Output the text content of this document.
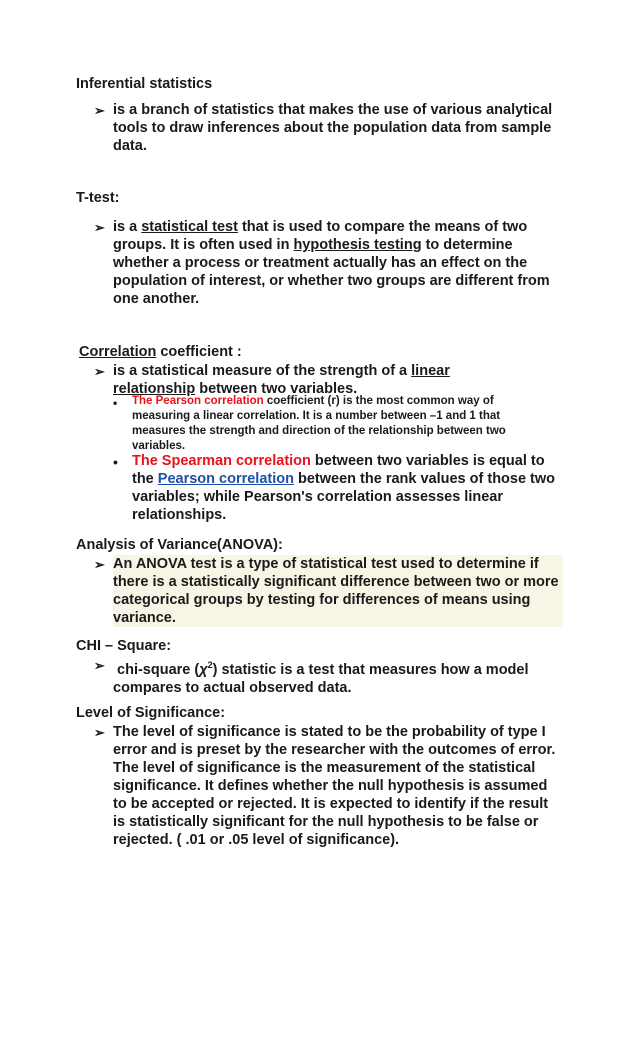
Inferential statistics
➢ is a branch of statistics that makes the use of various analytical tools to draw inferences about the population data from sample data.
T-test:
➢ is a statistical test that is used to compare the means of two groups. It is often used in hypothesis testing to determine whether a process or treatment actually has an effect on the population of interest, or whether two groups are different from one another.
Correlation coefficient :
➢ is a statistical measure of the strength of a linear relationship between two variables.
• The Pearson correlation coefficient (r) is the most common way of measuring a linear correlation. It is a number between –1 and 1 that measures the strength and direction of the relationship between two variables.
• The Spearman correlation between two variables is equal to the Pearson correlation between the rank values of those two variables; while Pearson's correlation assesses linear relationships.
Analysis of Variance(ANOVA):
➢ An ANOVA test is a type of statistical test used to determine if there is a statistically significant difference between two or more categorical groups by testing for differences of means using variance.
CHI – Square:
➢ chi-square $(\chi^2)$ statistic is a test that measures how a model compares to actual observed data.
Level of Significance:
➢ The level of significance is stated to be the probability of type I error and is preset by the researcher with the outcomes of error. The level of significance is the measurement of the statistical significance. It defines whether the null hypothesis is assumed to be accepted or rejected. It is expected to identify if the result is statistically significant for the null hypothesis to be false or rejected. ( .01 or .05 level of significance).
